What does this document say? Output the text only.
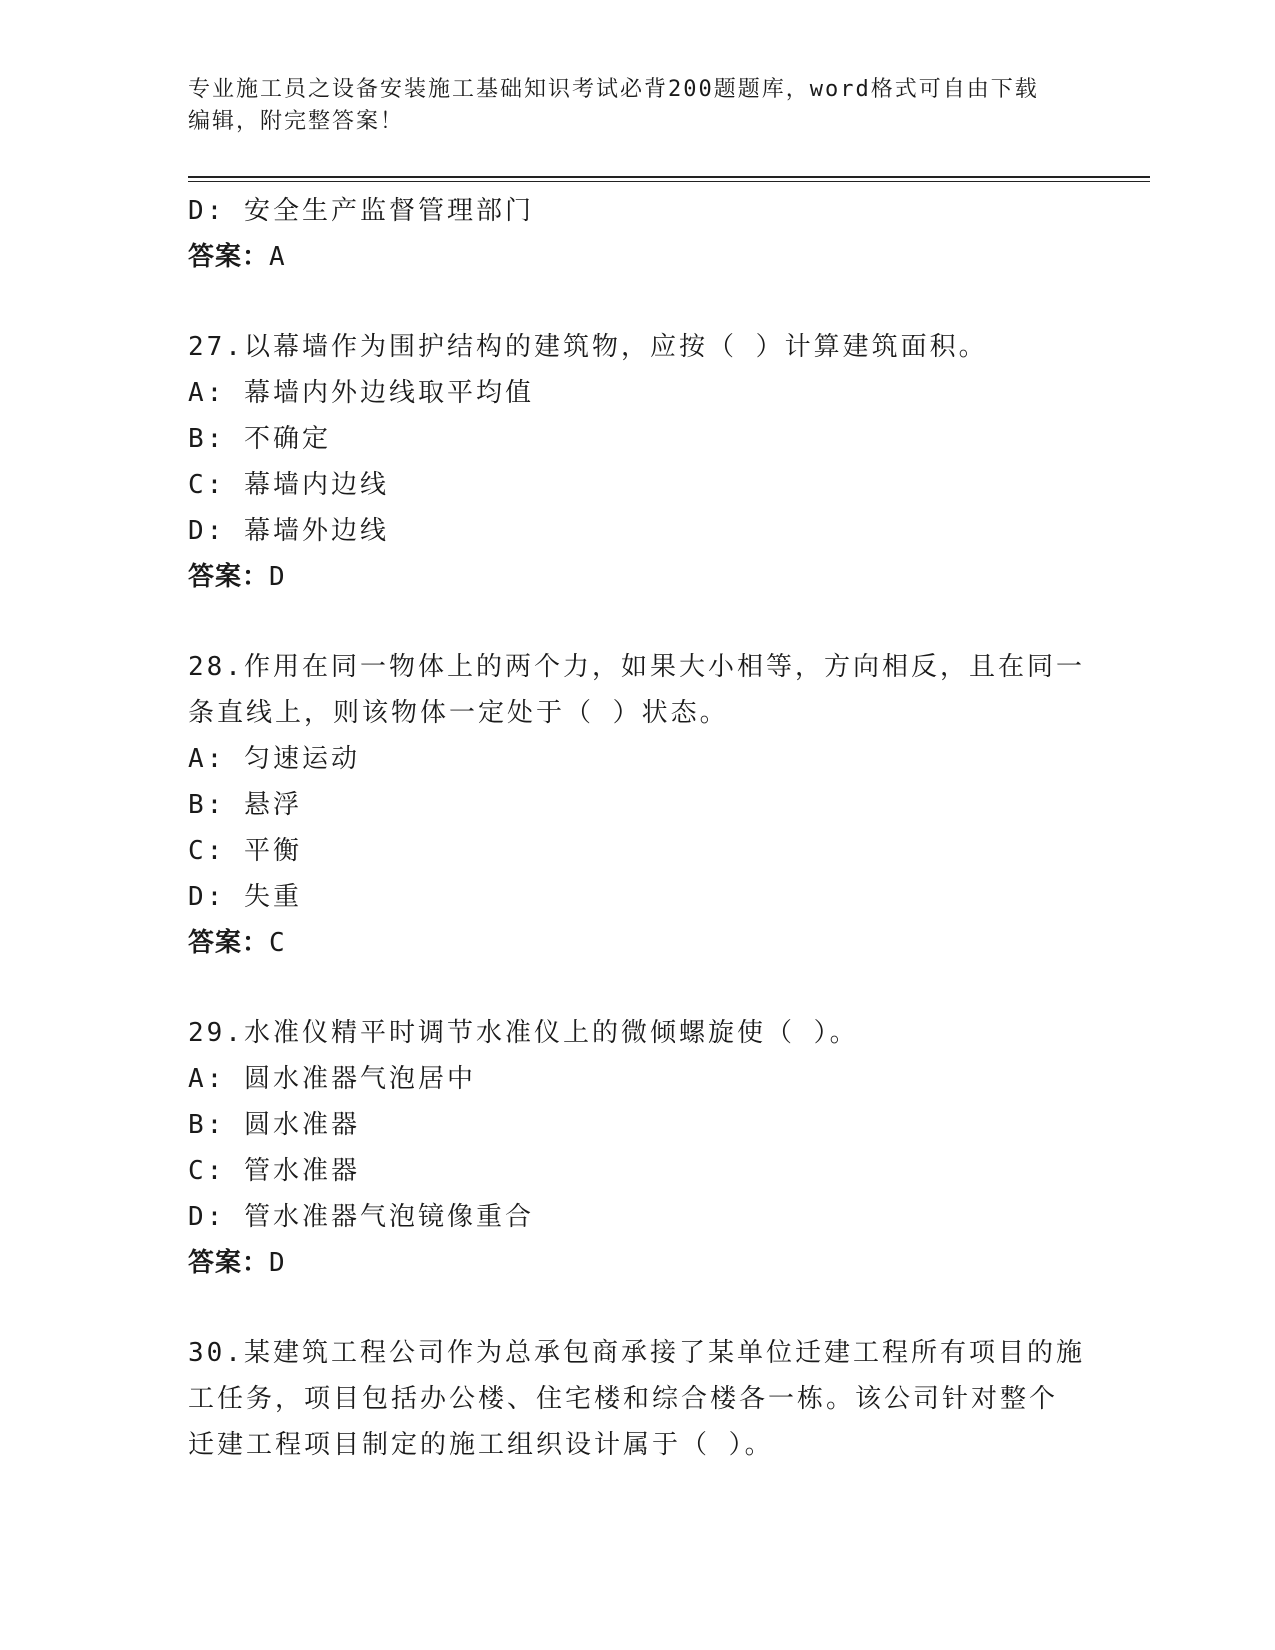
专业施工员之设备安装施工基础知识考试必背200题题库，word格式可自由下载
编辑，附完整答案！
D: 安全生产监督管理部门
答案：A
27.以幕墙作为围护结构的建筑物，应按（ ）计算建筑面积。
A: 幕墙内外边线取平均值
B: 不确定
C: 幕墙内边线
D: 幕墙外边线
答案：D
28.作用在同一物体上的两个力，如果大小相等，方向相反，且在同一
条直线上，则该物体一定处于（ ）状态。
A: 匀速运动
B: 悬浮
C: 平衡
D: 失重
答案：C
29.水准仪精平时调节水准仪上的微倾螺旋使（ ）。
A: 圆水准器气泡居中
B: 圆水准器
C: 管水准器
D: 管水准器气泡镜像重合
答案：D
30.某建筑工程公司作为总承包商承接了某单位迁建工程所有项目的施
工任务，项目包括办公楼、住宅楼和综合楼各一栋。该公司针对整个
迁建工程项目制定的施工组织设计属于（ ）。
